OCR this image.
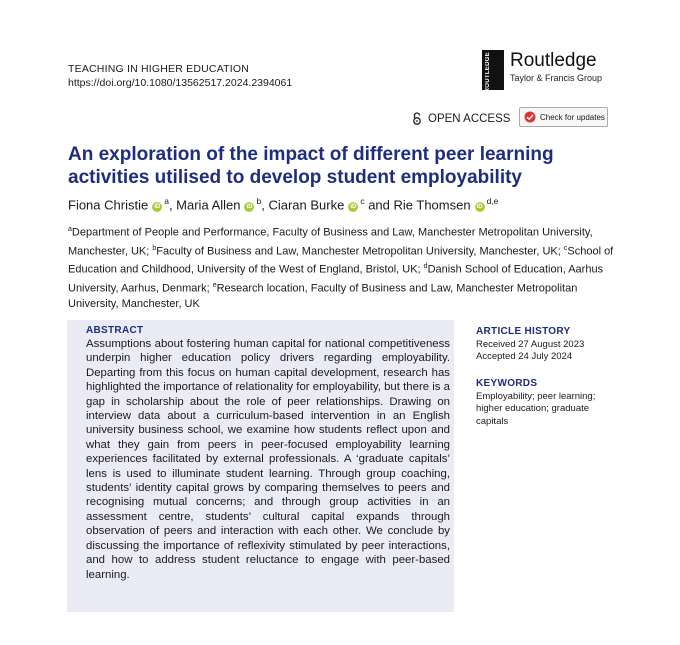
TEACHING IN HIGHER EDUCATION
https://doi.org/10.1080/13562517.2024.2394061	ROUTLEDGE Routledge
Taylor & Francis Group
OPEN ACCESS	Check for updates
An exploration of the impact of different peer learning activities utilised to develop student employability
Fiona Christie $iD^a$, Maria Allen $iD^b$, Ciaran Burke $iD^c$ and Rie Thomsen iD$^{d,e}$

$^a$Department of People and Performance, Faculty of Business and Law, Manchester Metropolitan University, Manchester, UK; $^b$Faculty of Business and Law, Manchester Metropolitan University, Manchester, UK; $^c$School of Education and Childhood, University of the West of England, Bristol, UK; $^d$Danish School of Education, Aarhus University, Aarhus, Denmark; $^e$Research location, Faculty of Business and Law, Manchester Metropolitan University, Manchester, UK

ABSTRACT

Assumptions about fostering human capital for national competitiveness underpin higher education policy drivers regarding employability. Departing from this focus on human capital development, research has highlighted the importance of relationality for employability, but there is a gap in scholarship about the role of peer relationships. Drawing on interview data about a curriculum-based intervention in an English university business school, we examine how students reflect upon and what they gain from peers in peer-focused employability learning experiences facilitated by external professionals. A ‘graduate capitals’ lens is used to illuminate student learning. Through group coaching, students’ identity capital grows by comparing themselves to peers and recognising mutual concerns; and through group activities in an assessment centre, students’ cultural capital expands through observation of peers and interaction with each other. We conclude by discussing the importance of reflexivity stimulated by peer interactions, and how to address student reluctance to engage with peer-based learning.

ARTICLE HISTORY
Received 27 August 2023
Accepted 24 July 2024
KEYWORDS
Employability; peer learning; higher education; graduate capitals
